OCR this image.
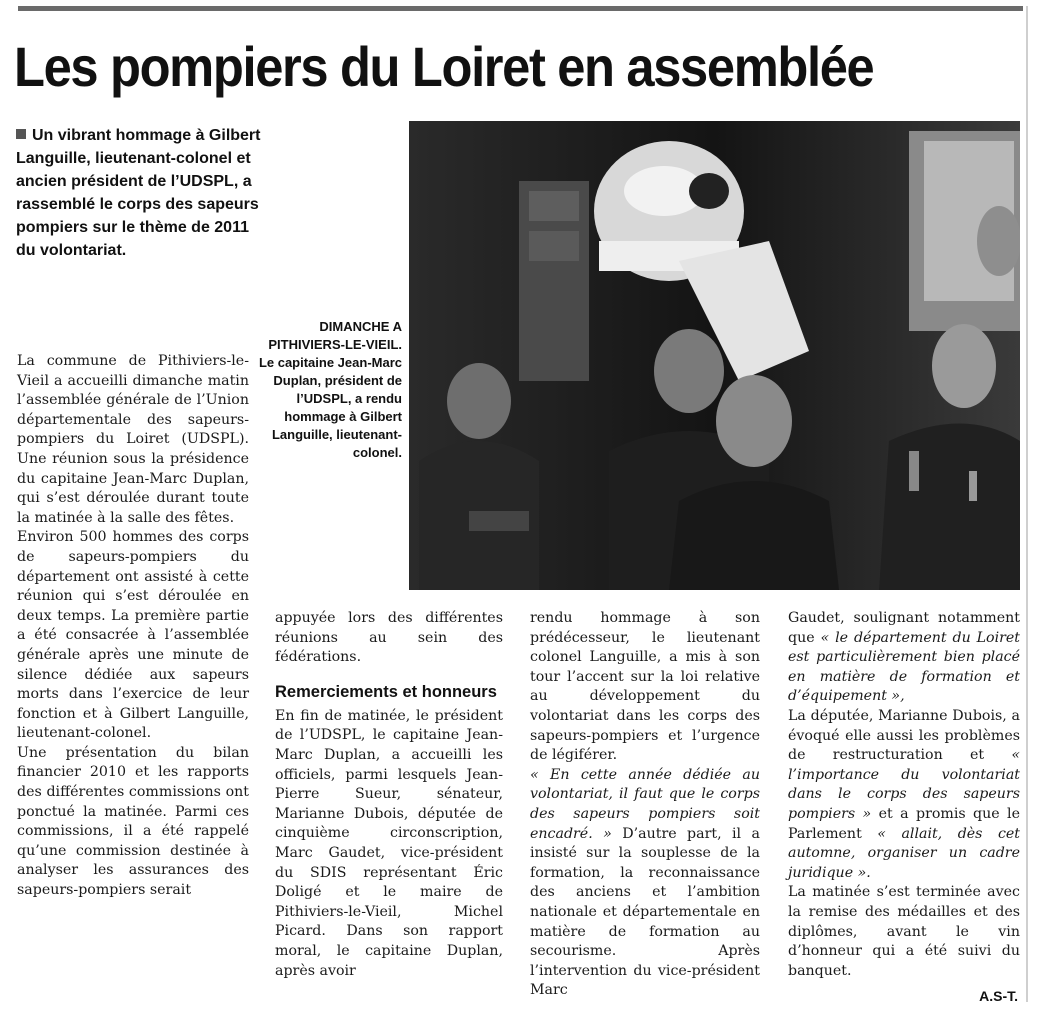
Les pompiers du Loiret en assemblée
Un vibrant hommage à Gilbert Languille, lieutenant-colonel et ancien président de l’UDSPL, a rassemblé le corps des sapeurs pompiers sur le thème de 2011 du volontariat.
DIMANCHE A PITHIVIERS-LE-VIEIL.
Le capitaine Jean-Marc Duplan, président de l’UDSPL, a rendu hommage à Gilbert Languille, lieutenant-colonel.

La commune de Pithiviers-le-Vieil a accueilli dimanche matin l’assemblée générale de l’Union départementale des sapeurs-pompiers du Loiret (UDSPL). Une réunion sous la présidence du capitaine Jean-Marc Duplan, qui s’est déroulée durant toute la matinée à la salle des fêtes.

Environ 500 hommes des corps de sapeurs-pompiers du département ont assisté à cette réunion qui s’est déroulée en deux temps. La première partie a été consacrée à l’assemblée générale après une minute de silence dédiée aux sapeurs morts dans l’exercice de leur fonction et à Gilbert Languille, lieutenant-colonel.

Une présentation du bilan financier 2010 et les rapports des différentes commissions ont ponctué la matinée. Parmi ces commissions, il a été rappelé qu’une commission destinée à analyser les assurances des sapeurs-pompiers serait

appuyée lors des différentes réunions au sein des fédérations.

Remerciements et honneurs

En fin de matinée, le président de l’UDSPL, le capitaine Jean-Marc Duplan, a accueilli les officiels, parmi lesquels Jean-Pierre Sueur, sénateur, Marianne Dubois, députée de cinquième circonscription, Marc Gaudet, vice-président du SDIS représentant Éric Doligé et le maire de Pithiviers-le-Vieil, Michel Picard. Dans son rapport moral, le capitaine Duplan, après avoir

rendu hommage à son prédécesseur, le lieutenant colonel Languille, a mis à son tour l’accent sur la loi relative au développement du volontariat dans les corps des sapeurs-pompiers et l’urgence de légiférer.

« En cette année dédiée au volontariat, il faut que le corps des sapeurs pompiers soit encadré. » D’autre part, il a insisté sur la souplesse de la formation, la reconnaissance des anciens et l’ambition nationale et départementale en matière de formation au secourisme. Après l’intervention du vice-président Marc

Gaudet, soulignant notamment que « le département du Loiret est particulièrement bien placé en matière de formation et d’équipement »,

La députée, Marianne Dubois, a évoqué elle aussi les problèmes de restructuration et « l’importance du volontariat dans le corps des sapeurs pompiers » et a promis que le Parlement « allait, dès cet automne, organiser un cadre juridique ».

La matinée s’est terminée avec la remise des médailles et des diplômes, avant le vin d’honneur qui a été suivi du banquet.

A.S-T.
